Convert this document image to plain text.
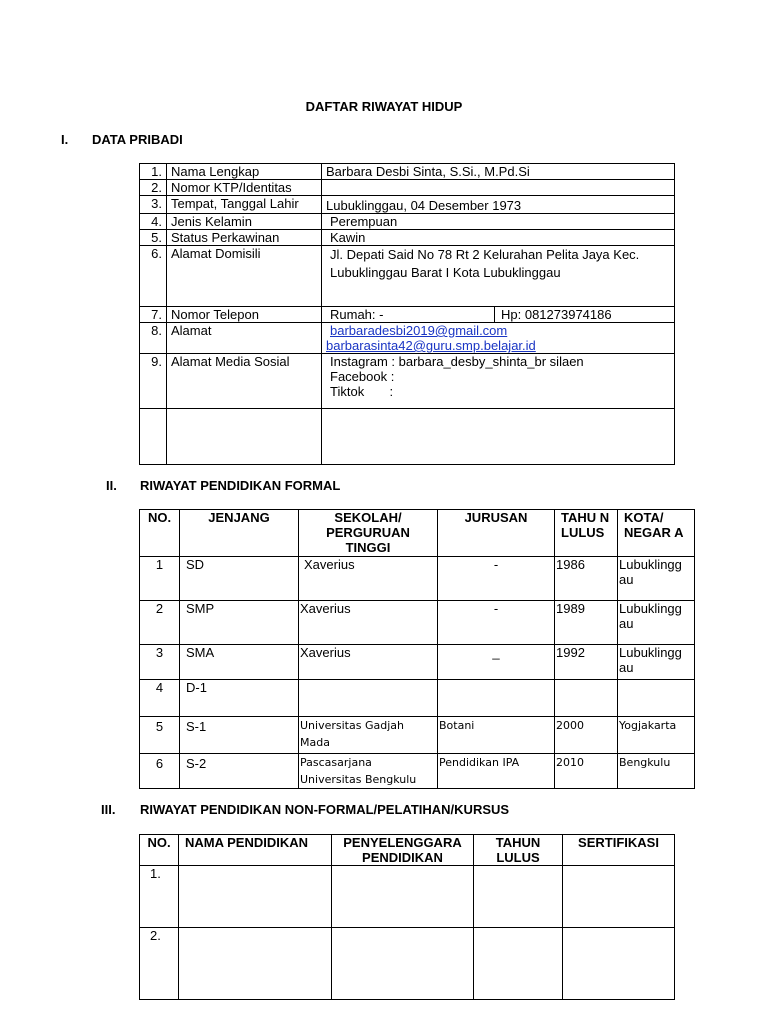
DAFTAR RIWAYAT HIDUP
I. DATA PRIBADI
1.	Nama Lengkap	Barbara Desbi Sinta, S.Si., M.Pd.Si	
2.	Nomor KTP/Identitas		
3.	Tempat, Tanggal Lahir	Lubuklinggau, 04 Desember 1973	
4.	Jenis Kelamin	Perempuan	
5.	Status Perkawinan	Kawin	
6.	Alamat Domisili	Jl. Depati Said No 78 Rt 2 Kelurahan Pelita Jaya Kec. Lubuklinggau Barat I Kota Lubuklinggau	
7.	Nomor Telepon	Rumah: -	Hp: 081273974186
8.	Alamat	barbaradesbi2019@gmail.com
barbarasinta42@guru.smp.belajar.id	

9.	Alamat Media Sosial	Instagram : barbara_desby_shinta_br silaen
Facebook :
Tiktok       :	

II. RIWAYAT PENDIDIKAN FORMAL
NO.	JENJANG	SEKOLAH/ PERGURUAN TINGGI	JURUSAN	TAHU N LULUS	KOTA/ NEGAR A
1	SD	Xaverius	-	1986	Lubuklingg au
2	SMP	Xaverius	-	1989	Lubuklingg au
3	SMA	Xaverius	_	1992	Lubuklingg au
4	D-1				
5	S-1	Universitas Gadjah Mada	Botani	2000	Yogjakarta
6	S-2	Pascasarjana Universitas Bengkulu	Pendidikan IPA	2010	Bengkulu
III. RIWAYAT PENDIDIKAN NON-FORMAL/PELATIHAN/KURSUS
NO.	NAMA PENDIDIKAN	PENYELENGGARA PENDIDIKAN	TAHUN LULUS	SERTIFIKASI
1.				
2.				
